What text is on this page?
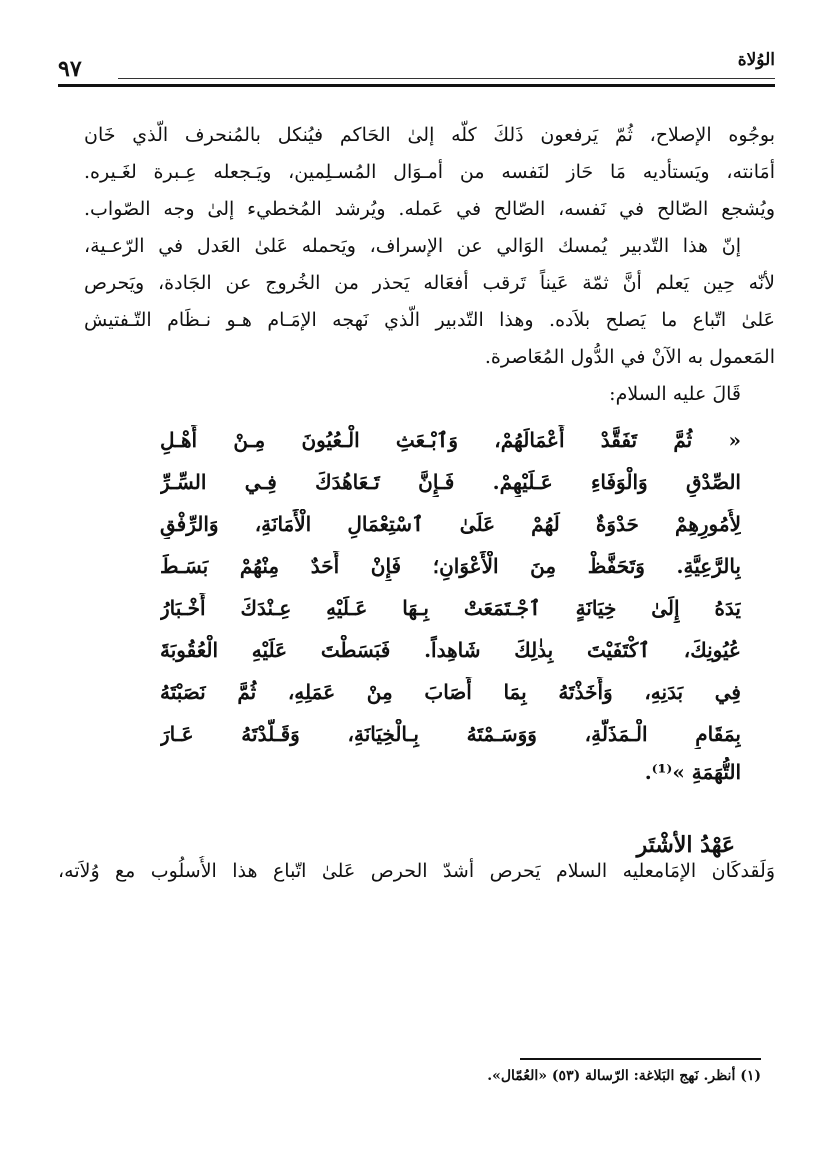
الوُلاة
٩٧
بوجُوه الإصلاح، ثُمّ يَرفعون ذَلكَ كلّه إلىٰ الحَاكم فيُنكل بالمُنحرف الّذي خَان
أمَانته، ويَستأديه مَا حَاز لنَفسه من أمـوَال المُسـلِمين، ويَـجعله عِـبرة لغَـيره.
ويُشجع الصّالح في نَفسه، الصّالح في عَمله. ويُرشد المُخطيء إلىٰ وجه الصّواب.
إنّ هذا التّدبير يُمسك الوَالي عن الإسراف، ويَحمله عَلىٰ العَدل في الرّعـية،
لأنّه حِين يَعلم أنَّ ثمّة عَيناً تَرقب أفعَاله يَحذر من الخُروج عن الجَادة، ويَحرص
عَلىٰ اتّباع ما يَصلح بلاَده. وهذا التّدبير الّذي نَهجه الإمَـام هـو نـظَام التّـفتيش
المَعمول به الآنْ في الدُّول المُعَاصرة.
قَالَ عليه السلام:
« ثُمَّ تَفَقَّدْ أَعْمَالَهُمْ، وَٱبْـعَثِ الْـعُيُونَ مِـنْ أَهْـلِ
الصِّدْقِ وَالْوَفَاءِ عَـلَيْهِمْ. فَـإِنَّ تَـعَاهُدَكَ فِـي السِّـرِّ
لِأُمُورِهِمْ حَدْوَةٌ لَهُمْ عَلَىٰ ٱسْتِعْمَالِ الْأَمَانَةِ، وَالرِّفْقِ
بِالرَّعِيَّةِ. وَتَحَفَّظْ مِنَ الْأَعْوَانِ؛ فَإِنْ أَحَدٌ مِنْهُمْ بَسَـطَ
يَدَهُ إِلَىٰ خِيَانَةٍ ٱجْـتَمَعَتْ بِـهَا عَـلَيْهِ عِـنْدَكَ أَخْـبَارُ
عُيُونِكَ، ٱكْتَفَيْتَ بِذٰلِكَ شَاهِداً. فَبَسَطْتَ عَلَيْهِ الْعُقُوبَةَ
فِي بَدَنِهِ، وَأَخَذْتَهُ بِمَا أَصَابَ مِنْ عَمَلِهِ، ثُمَّ نَصَبْتَهُ
بِمَقَامِ الْـمَذَلَّةِ، وَوَسَـمْتَهُ بِـالْخِيَانَةِ، وَقَـلَّدْتَهُ عَـارَ
التُّهَمَةِ »⁽¹⁾.
عَهْدُ الأشْتَر
وَلَقدكَان الإمَامعليه السلام يَحرص أشدّ الحرص عَلىٰ اتّباع هذا الأُسلُوب مع وُلاَته،
(١) أنظر. نَهج البَلاغة: الرّسالة (٥٣) «العُمّال».
